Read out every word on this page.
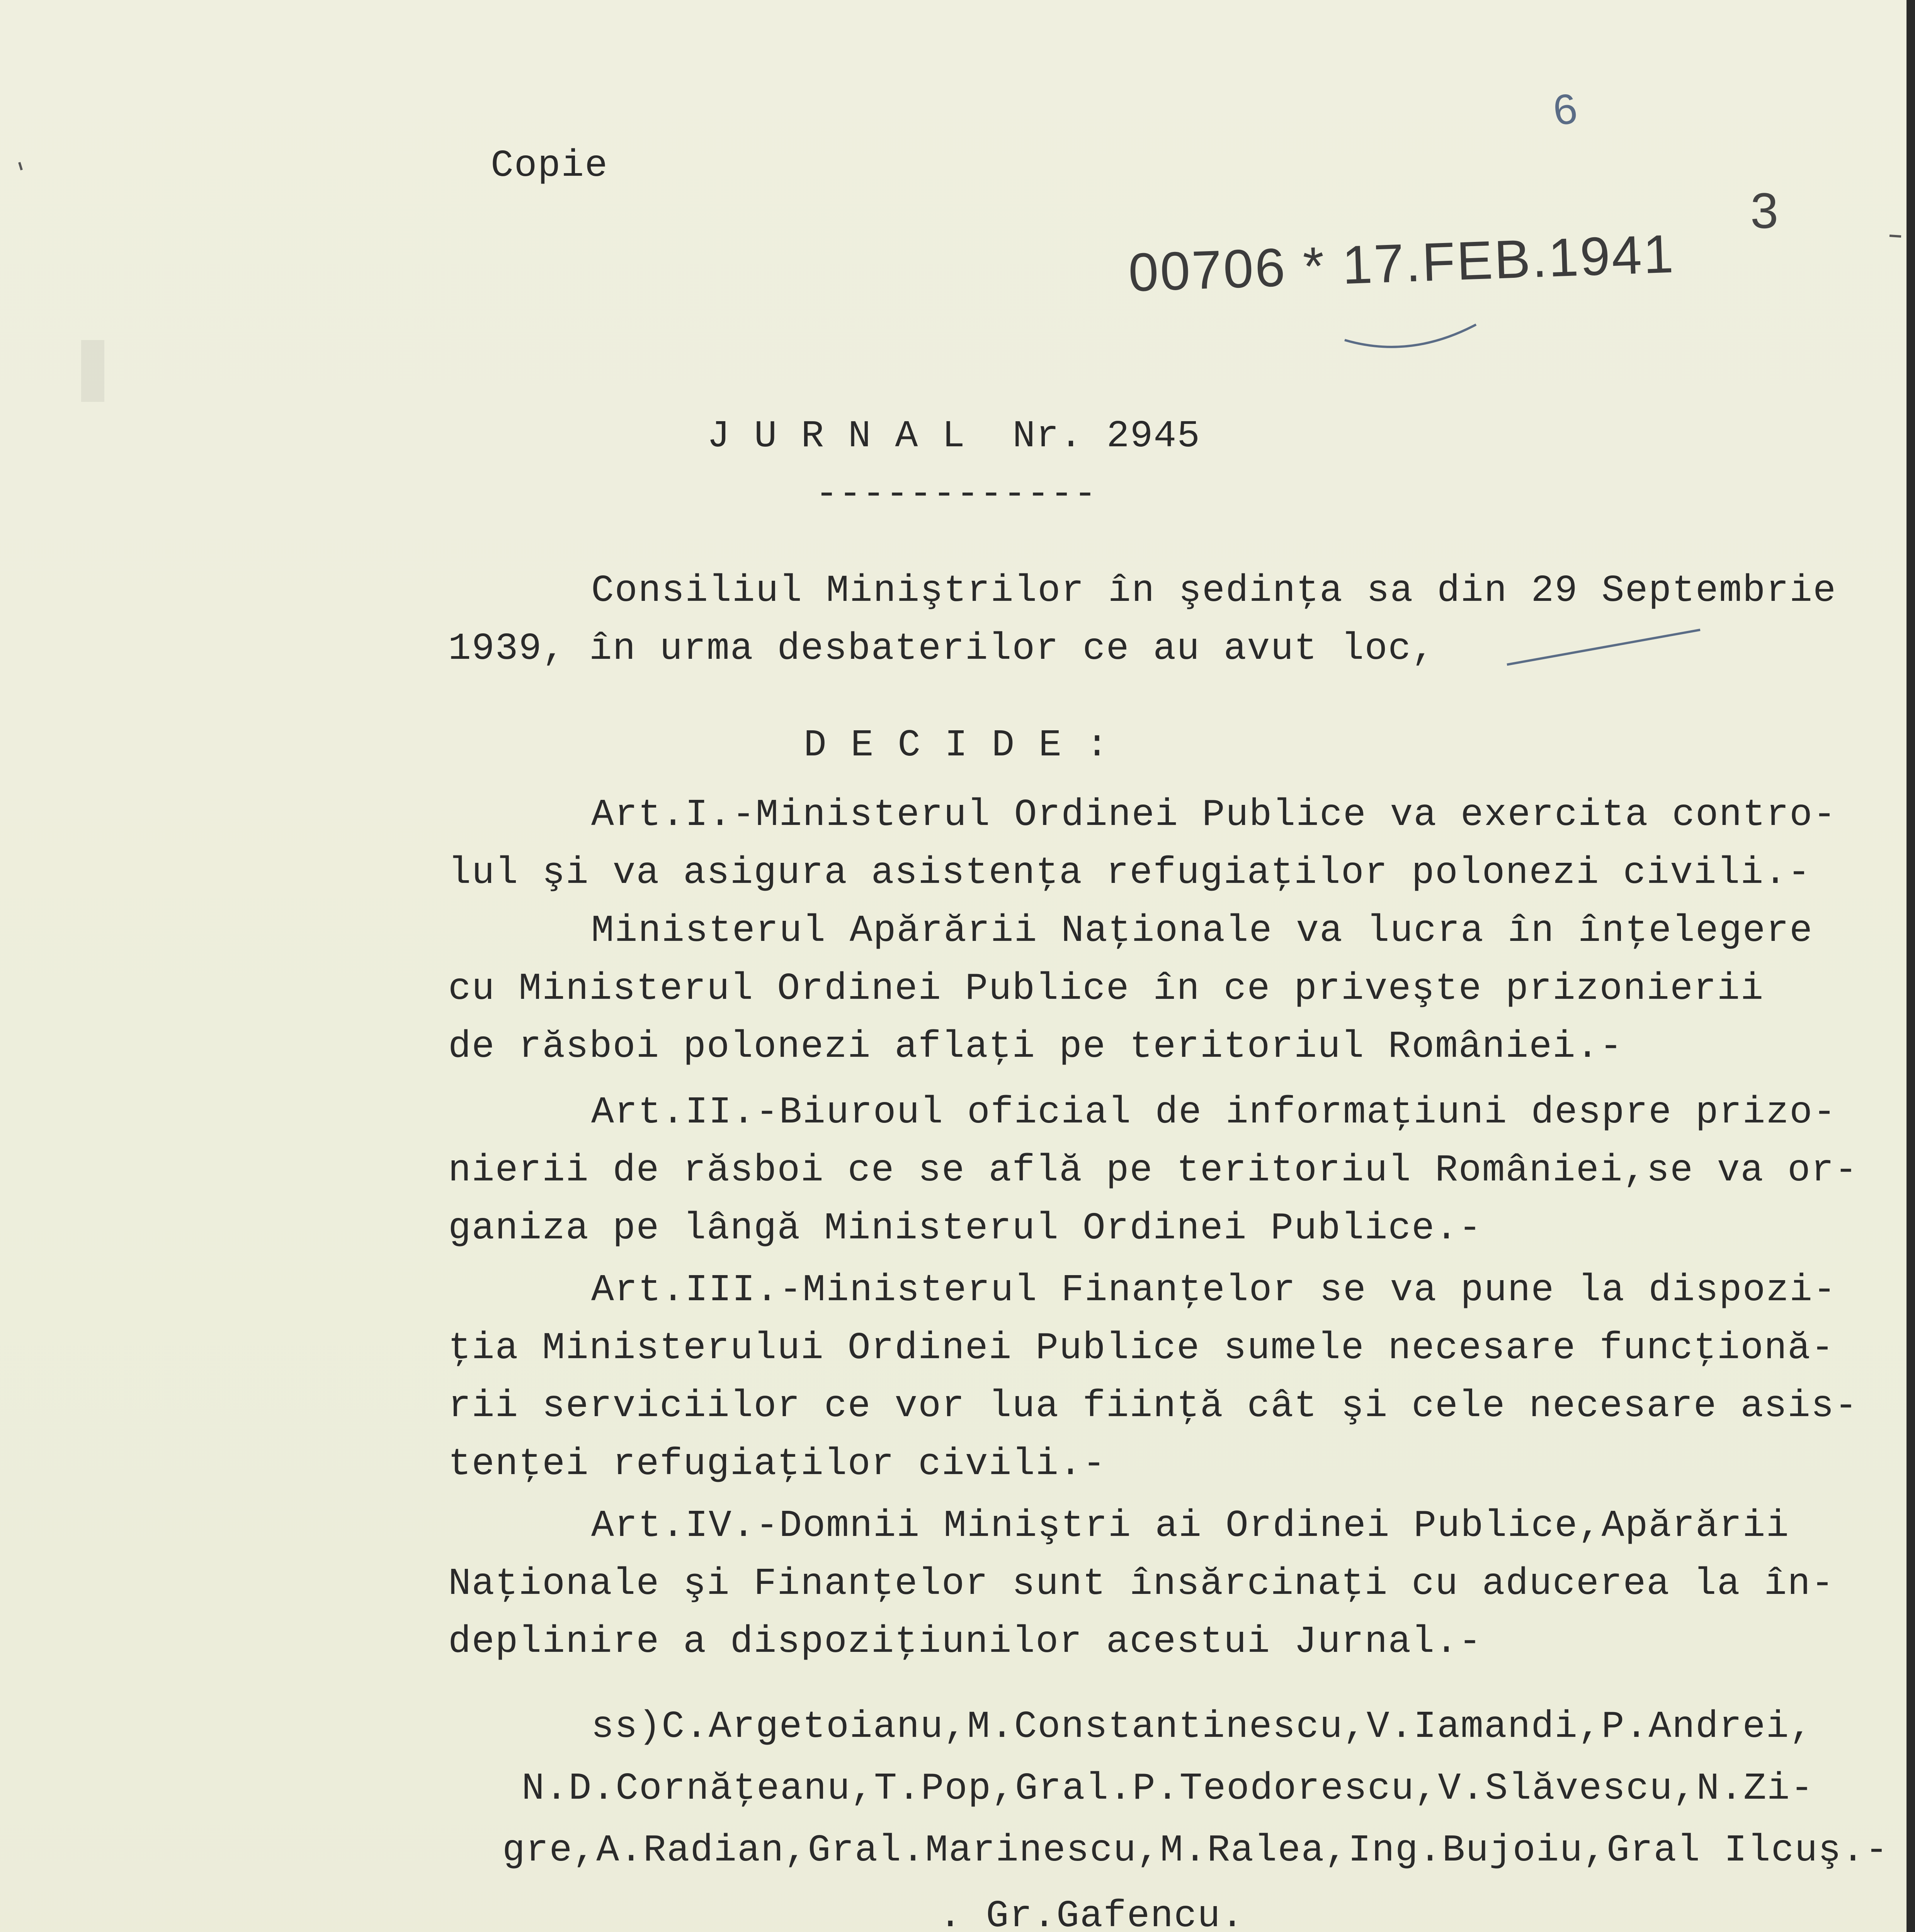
Copie
6
3
00706 * 17.FEB.1941
J U R N A L  Nr. 2945
------------
Consiliul Miniştrilor în şedinţa sa din 29 Septembrie
1939, în urma desbaterilor ce au avut loc,
D E C I D E :
Art.I.-Ministerul Ordinei Publice va exercita contro-
lul şi va asigura asistenţa refugiaţilor polonezi civili.-
Ministerul Apărării Naţionale va lucra în înţelegere
cu Ministerul Ordinei Publice în ce priveşte prizonierii
de răsboi polonezi aflaţi pe teritoriul României.-
Art.II.-Biuroul oficial de informaţiuni despre prizo-
nierii de răsboi ce se află pe teritoriul României,se va or-
ganiza pe lângă Ministerul Ordinei Publice.-
Art.III.-Ministerul Finanţelor se va pune la dispozi-
ţia Ministerului Ordinei Publice sumele necesare funcţionă-
rii serviciilor ce vor lua fiinţă cât şi cele necesare asis-
tenţei refugiaţilor civili.-
Art.IV.-Domnii Miniştri ai Ordinei Publice,Apărării
Naţionale şi Finanţelor sunt însărcinaţi cu aducerea la în-
deplinire a dispoziţiunilor acestui Jurnal.-
ss)C.Argetoianu,M.Constantinescu,V.Iamandi,P.Andrei,
N.D.Cornăţeanu,T.Pop,Gral.P.Teodorescu,V.Slăvescu,N.Zi-
gre,A.Radian,Gral.Marinescu,M.Ralea,Ing.Bujoiu,Gral Ilcuş.-
. Gr.Gafencu.
